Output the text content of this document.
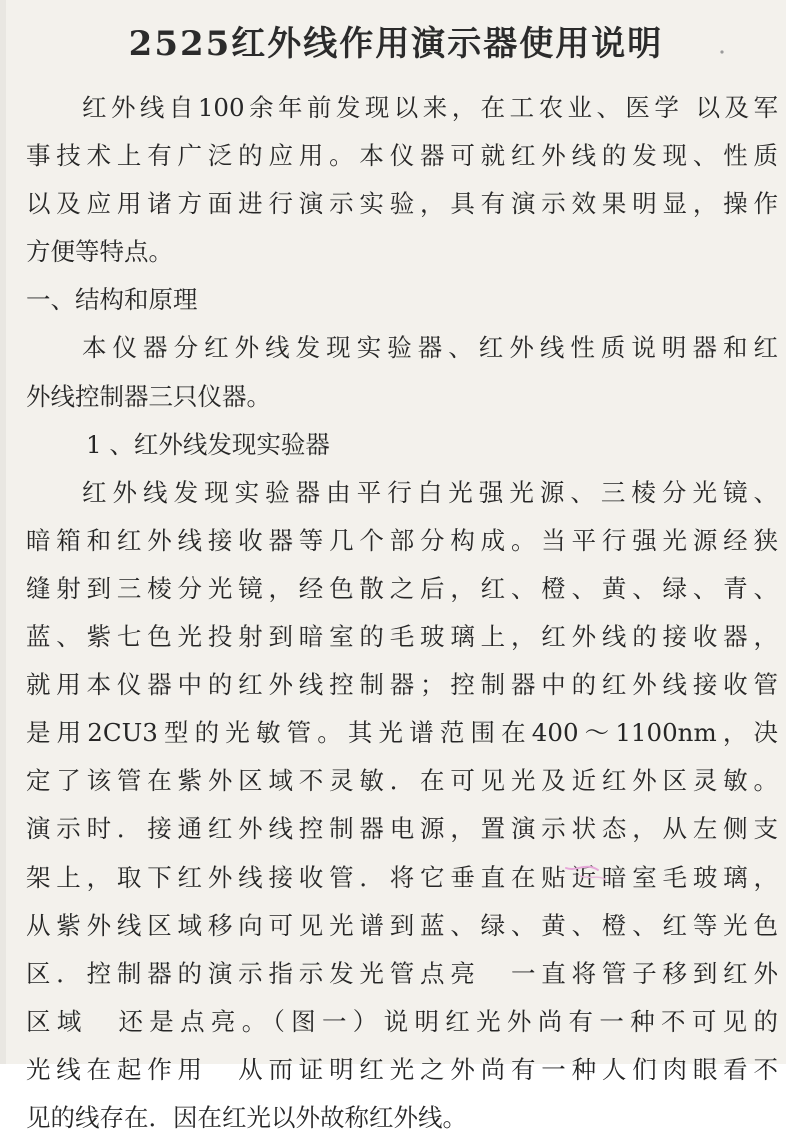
2525红外线作用演示器使用说明
红外线自100余年前发现以来，在工农业、医学 以及军
事技术上有广泛的应用。本仪器可就红外线的发现、性质
以及应用诸方面进行演示实验，具有演示效果明显，操作
方便等特点。
一、结构和原理
本仪器分红外线发现实验器、红外线性质说明器和红
外线控制器三只仪器。
1 、红外线发现实验器
红外线发现实验器由平行白光强光源、三棱分光镜、
暗箱和红外线接收器等几个部分构成。当平行强光源经狭
缝射到三棱分光镜，经色散之后，红、橙、黄、绿、青、
蓝、紫七色光投射到暗室的毛玻璃上，红外线的接收器，
就用本仪器中的红外线控制器；控制器中的红外线接收管
是用2CU3型的光敏管。其光谱范围在400～1100nm，决
定了该管在紫外区域不灵敏．在可见光及近红外区灵敏。
演示时．接通红外线控制器电源，置演示状态，从左侧支
架上，取下红外线接收管．将它垂直在贴近暗室毛玻璃，
从紫外线区域移向可见光谱到蓝、绿、黄、橙、红等光色
区．控制器的演示指示发光管点亮　一直将管子移到红外
区域　还是点亮。（图一）说明红光外尚有一种不可见的
光线在起作用　从而证明红光之外尚有一种人们肉眼看不
见的线存在．因在红光以外故称红外线。
